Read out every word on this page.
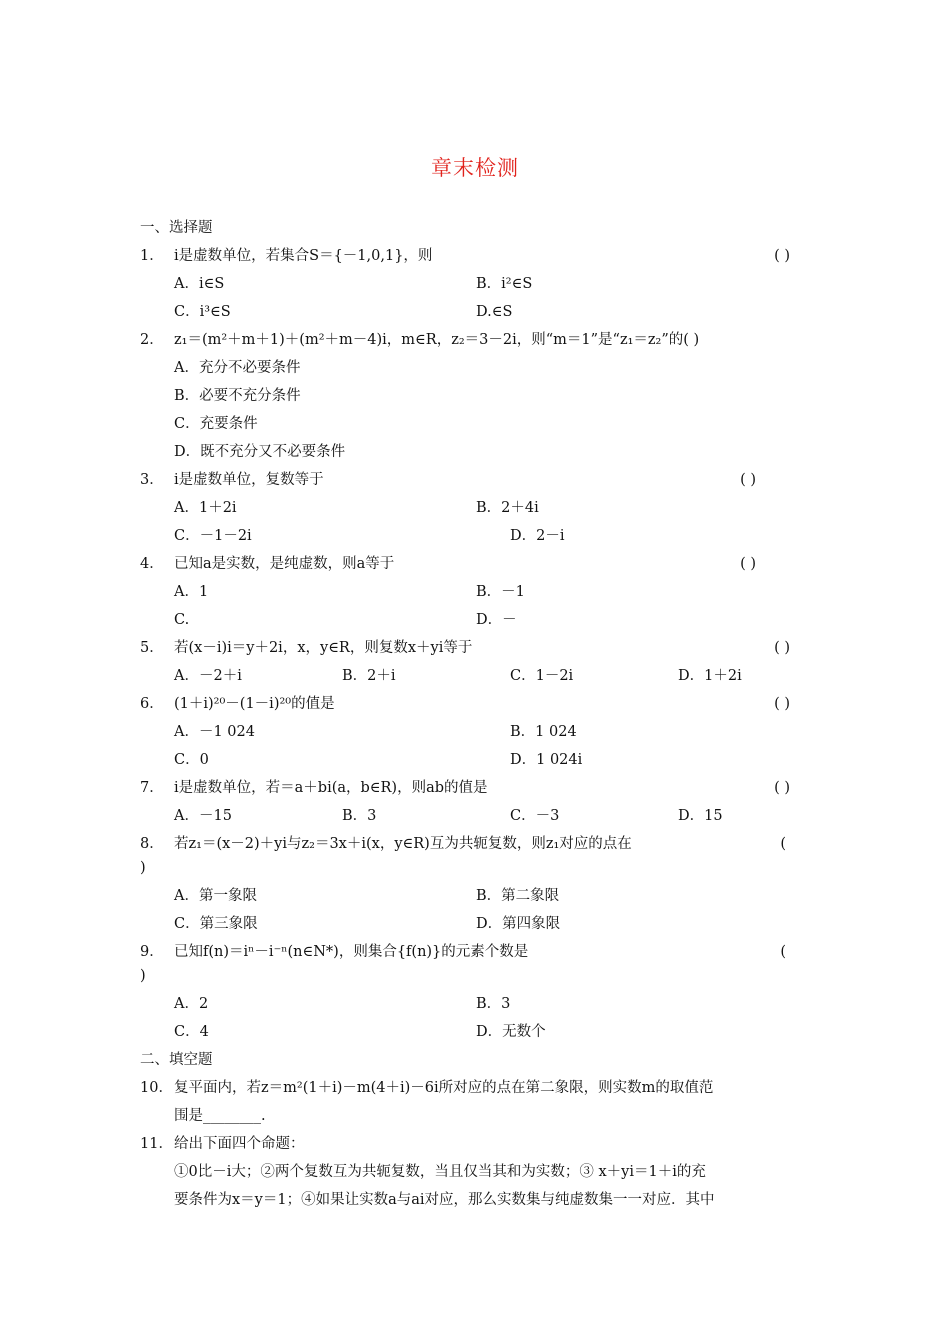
章末检测
一、选择题
1． i是虚数单位，若集合S＝{－1,0,1}，则	( )
A．i∈S	B．i²∈S
C．i³∈S	D.∈S
2． z₁＝(m²＋m＋1)＋(m²＋m－4)i，m∈R，z₂＝3－2i，则“m＝1”是“z₁＝z₂”的( )
A．充分不必要条件
B．必要不充分条件
C．充要条件
D．既不充分又不必要条件
3． i是虚数单位，复数等于	( )
A．1＋2i	B．2＋4i
C．－1－2i	D．2－i
4． 已知a是实数，是纯虚数，则a等于	( )
A．1	B．－1
C.	D．－
5． 若(x－i)i＝y＋2i，x，y∈R，则复数x＋yi等于	( )
A．－2＋i	B．2＋i	C．1－2i	D．1＋2i
6． (1＋i)²⁰－(1－i)²⁰的值是	( )
A．－1 024	B．1 024
C．0	D．1 024i
7． i是虚数单位，若＝a＋bi(a，b∈R)，则ab的值是	( )
A．－15	B．3	C．－3	D．15
8． 若z₁＝(x－2)＋yi与z₂＝3x＋i(x，y∈R)互为共轭复数，则z₁对应的点在	(
)
A．第一象限	B．第二象限
C．第三象限	D．第四象限
9． 已知f(n)＝iⁿ－i⁻ⁿ(n∈N*)，则集合{f(n)}的元素个数是	(
)
A．2	B．3
C．4	D．无数个
二、填空题
10． 复平面内，若z＝m²(1＋i)－m(4＋i)－6i所对应的点在第二象限，则实数m的取值范
围是________.
11． 给出下面四个命题：
①0比－i大；②两个复数互为共轭复数，当且仅当其和为实数；③ x＋yi＝1＋i的充
要条件为x＝y＝1；④如果让实数a与ai对应，那么实数集与纯虚数集一一对应．其中
